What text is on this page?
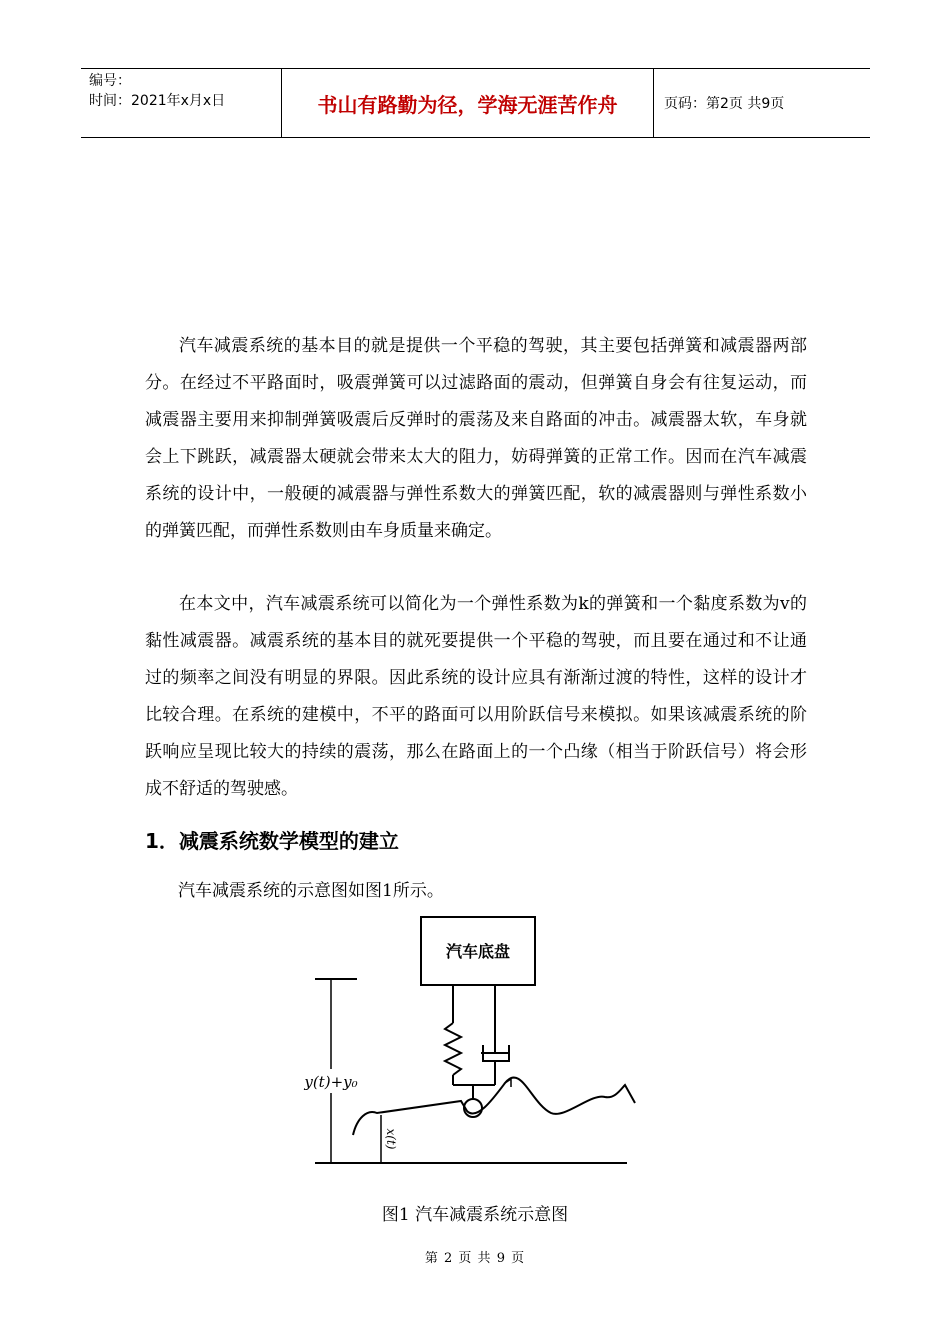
编号：
时间：2021年x月x日	书山有路勤为径，学海无涯苦作舟	页码：第2页 共9页

汽车减震系统的基本目的就是提供一个平稳的驾驶，其主要包括弹簧和减震器两部分。在经过不平路面时，吸震弹簧可以过滤路面的震动，但弹簧自身会有往复运动，而减震器主要用来抑制弹簧吸震后反弹时的震荡及来自路面的冲击。减震器太软，车身就会上下跳跃，减震器太硬就会带来太大的阻力，妨碍弹簧的正常工作。因而在汽车减震系统的设计中，一般硬的减震器与弹性系数大的弹簧匹配，软的减震器则与弹性系数小的弹簧匹配，而弹性系数则由车身质量来确定。

在本文中，汽车减震系统可以简化为一个弹性系数为k的弹簧和一个黏度系数为v的黏性减震器。减震系统的基本目的就死要提供一个平稳的驾驶，而且要在通过和不让通过的频率之间没有明显的界限。因此系统的设计应具有渐渐过渡的特性，这样的设计才比较合理。在系统的建模中，不平的路面可以用阶跃信号来模拟。如果该减震系统的阶跃响应呈现比较大的持续的震荡，那么在路面上的一个凸缘（相当于阶跃信号）将会形成不舒适的驾驶感。

1．减震系统数学模型的建立
汽车减震系统的示意图如图1所示。
汽车底盘
y(t)+y₀
x(t)
图1 汽车减震系统示意图
第 2 页 共 9 页
